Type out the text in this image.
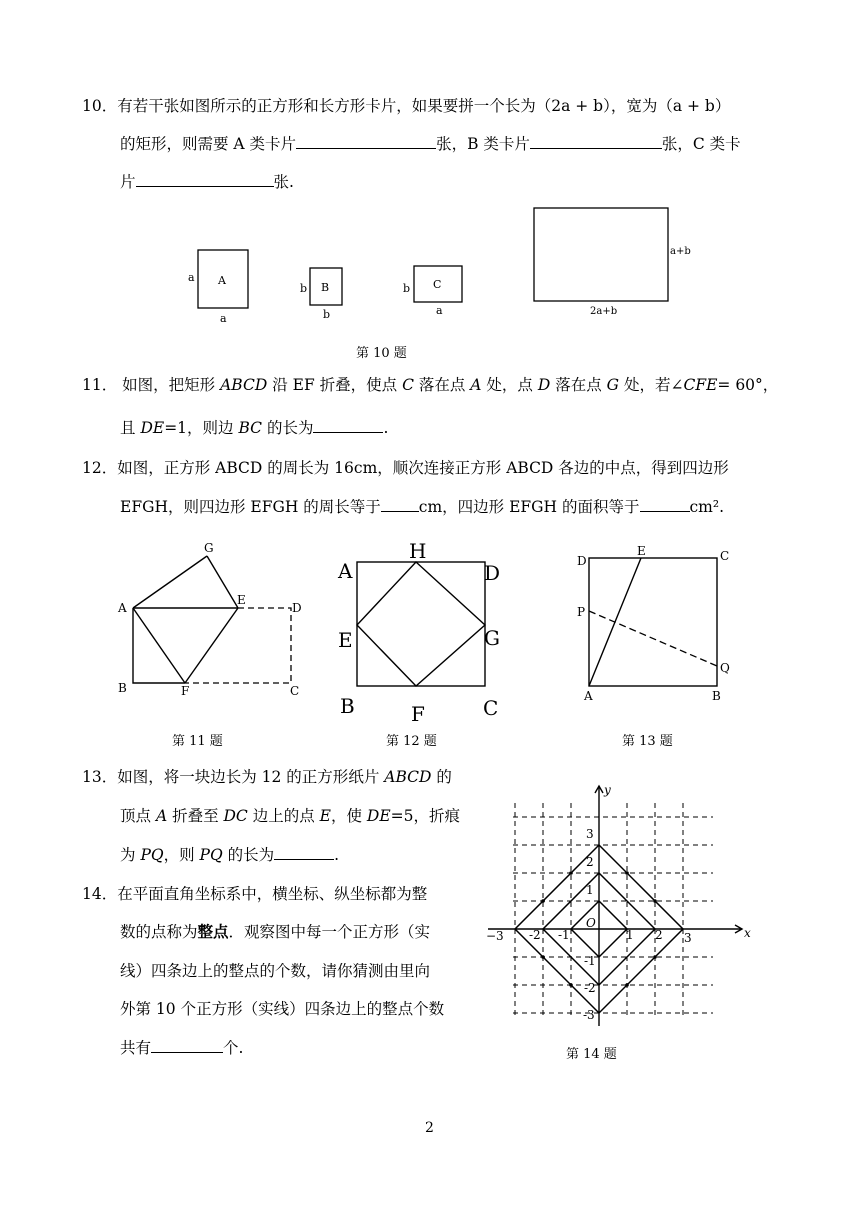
10．有若干张如图所示的正方形和长方形卡片，如果要拼一个长为（2a + b），宽为（a + b）
的矩形，则需要 A 类卡片	张，B 类卡片	张，C 类卡
片	张.
A
a
a
B
b
b
C
b
a
a+b
2a+b
第 10 题
11． 如图，把矩形 ABCD 沿 EF 折叠，使点 C 落在点 A 处，点 D 落在点 G 处，若∠CFE= 60°，
且 DE=1，则边 BC 的长为	.
12．如图，正方形 ABCD 的周长为 16cm，顺次连接正方形 ABCD 各边的中点，得到四边形
EFGH，则四边形 EFGH 的周长等于 cm，四边形 EFGH 的面积等于	cm².
G
A
E
D
B	F	C
第 11 题
H
A	D
E	G
B	F	C
第 12 题
D
E	C
P
Q
A	B
第 13 题
13．如图，将一块边长为 12 的正方形纸片 ABCD 的
顶点 A 折叠至 DC 边上的点 E，使 DE=5，折痕
为 PQ，则 PQ 的长为	.
14．在平面直角坐标系中，横坐标、纵坐标都为整
数的点称为整点．观察图中每一个正方形（实
线）四条边上的整点的个数，请你猜测由里向
外第 10 个正方形（实线）四条边上的整点个数
共有	个.
y
x
O
−3 -2 -1	1 2 3
3
2
1
-1
-2
-3
第 14 题
2
